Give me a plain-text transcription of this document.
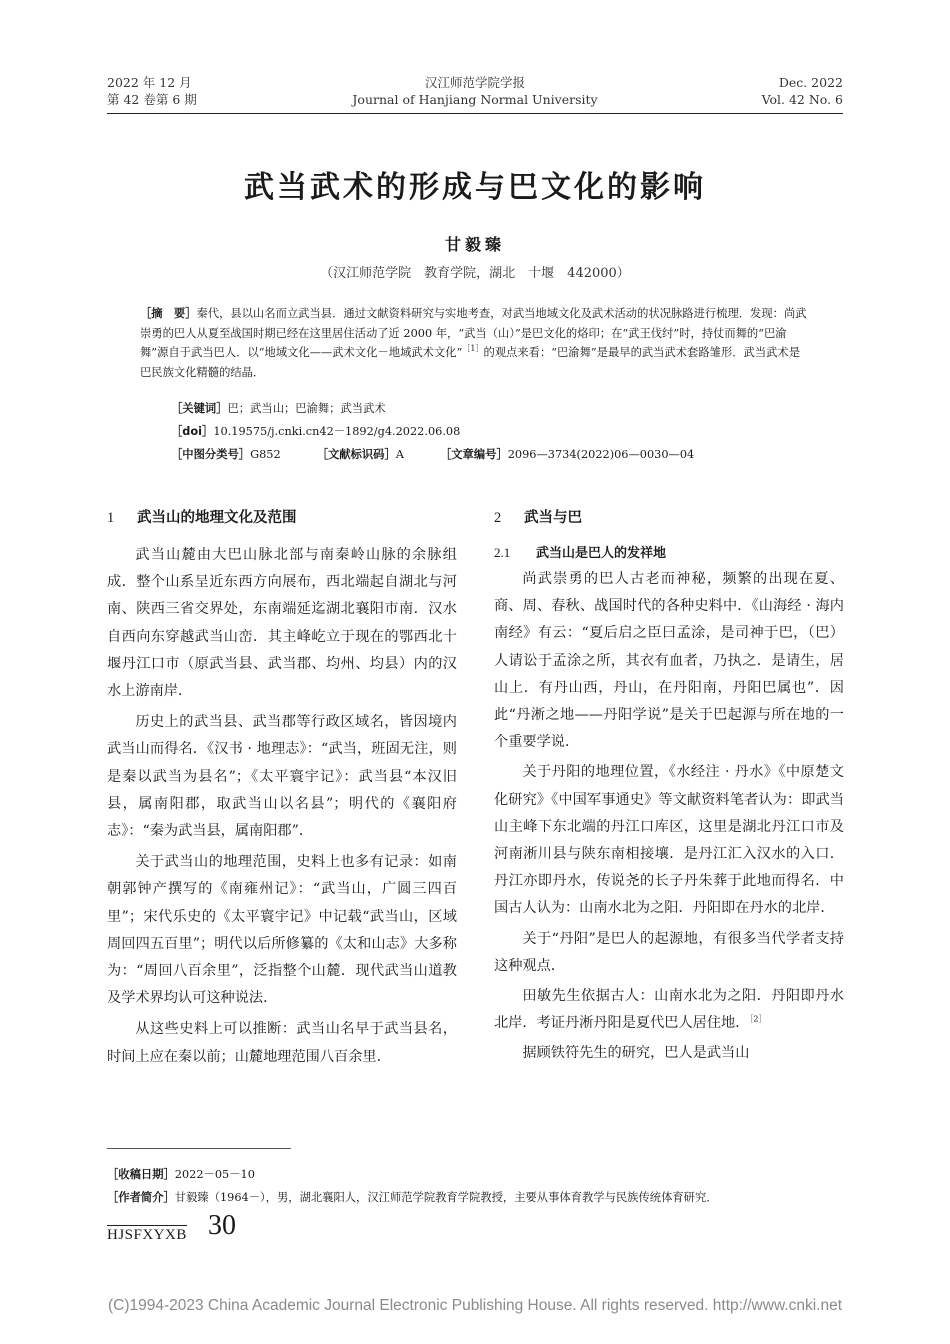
2022 年 12 月
第 42 卷第 6 期
汉江师范学院学报
Journal of Hanjiang Normal University
Dec. 2022
Vol. 42 No. 6
武当武术的形成与巴文化的影响
甘毅臻
（汉江师范学院　教育学院，湖北　十堰　442000）
［摘　要］秦代，县以山名而立武当县．通过文献资料研究与实地考查，对武当地域文化及武术活动的状况脉路进行梳理．发现：尚武崇勇的巴人从夏至战国时期已经在这里居住活动了近 2000 年，“武当（山）”是巴文化的烙印；在“武王伐纣”时，持仗而舞的“巴渝舞”源自于武当巴人．以“地域文化——武术文化－地域武术文化”$^{[1]}$的观点来看：“巴渝舞”是最早的武当武术套路雏形．武当武术是巴民族文化精髓的结晶．
［关键词］巴；武当山；巴渝舞；武当武术
［doi］10.19575/j.cnki.cn42－1892/g4.2022.06.08
［中图分类号］G852	［文献标识码］A	［文章编号］2096—3734(2022)06—0030—04
1 武当山的地理文化及范围

武当山麓由大巴山脉北部与南秦岭山脉的余脉组成．整个山系呈近东西方向展布，西北端起自湖北与河南、陕西三省交界处，东南端延迄湖北襄阳市南．汉水自西向东穿越武当山峦．其主峰屹立于现在的鄂西北十堰丹江口市（原武当县、武当郡、均州、均县）内的汉水上游南岸．

历史上的武当县、武当郡等行政区域名，皆因境内武当山而得名．《汉书 · 地理志》：“武当，班固无注，则是秦以武当为县名”；《太平寰宇记》：武当县“本汉旧县，属南阳郡，取武当山以名县”；明代的《襄阳府志》：“秦为武当县，属南阳郡”．

关于武当山的地理范围，史料上也多有记录：如南朝郭钟产撰写的《南雍州记》：“武当山，广圆三四百里”；宋代乐史的《太平寰宇记》中记载“武当山，区域周回四五百里”；明代以后所修纂的《太和山志》大多称为：“周回八百余里”，泛指整个山麓．现代武当山道教及学术界均认可这种说法．

从这些史料上可以推断：武当山名早于武当县名，时间上应在秦以前；山麓地理范围八百余里．

2 武当与巴
2.1 武当山是巴人的发祥地

尚武崇勇的巴人古老而神秘，频繁的出现在夏、商、周、春秋、战国时代的各种史料中．《山海经 · 海内南经》有云：“夏后启之臣曰孟涂，是司神于巴，（巴）人请讼于孟涂之所，其衣有血者，乃执之．是请生，居山上．有丹山西，丹山，在丹阳南，丹阳巴属也”．因此“丹淅之地——丹阳学说”是关于巴起源与所在地的一个重要学说．

关于丹阳的地理位置，《水经注 · 丹水》《中原楚文化研究》《中国军事通史》等文献资料笔者认为：即武当山主峰下东北端的丹江口库区，这里是湖北丹江口市及河南淅川县与陕东南相接壤．是丹江汇入汉水的入口．丹江亦即丹水，传说尧的长子丹朱葬于此地而得名．中国古人认为：山南水北为之阳．丹阳即在丹水的北岸．

关于“丹阳”是巴人的起源地，有很多当代学者支持这种观点．

田敏先生依据古人：山南水北为之阳．丹阳即丹水北岸．考证丹淅丹阳是夏代巴人居住地．$^{[2]}$

据顾铁符先生的研究，巴人是武当山

［收稿日期］2022－05－10
［作者简介］甘毅臻（1964－），男，湖北襄阳人，汉江师范学院教育学院教授，主要从事体育教学与民族传统体育研究．
HJSFXYXB 30
(C)1994-2023 China Academic Journal Electronic Publishing House. All rights reserved. http://www.cnki.net
